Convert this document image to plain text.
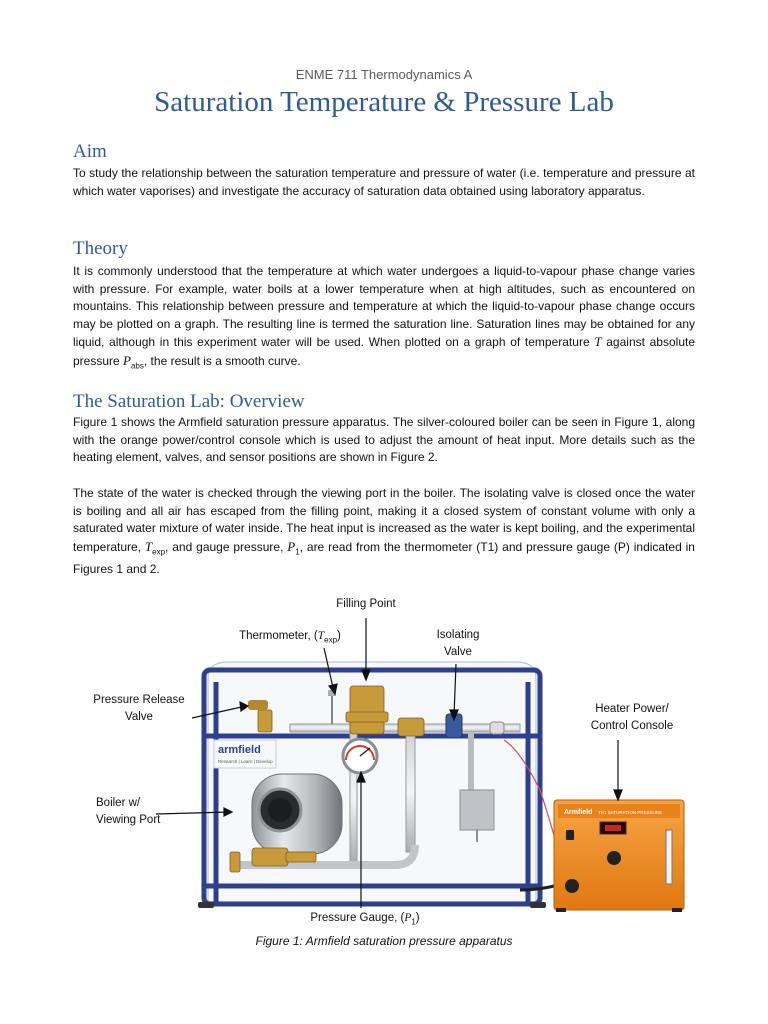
ENME 711 Thermodynamics A
Saturation Temperature & Pressure Lab
Aim
To study the relationship between the saturation temperature and pressure of water (i.e. temperature and pressure at which water vaporises) and investigate the accuracy of saturation data obtained using laboratory apparatus.
Theory
It is commonly understood that the temperature at which water undergoes a liquid-to-vapour phase change varies with pressure. For example, water boils at a lower temperature when at high altitudes, such as encountered on mountains. This relationship between pressure and temperature at which the liquid-to-vapour phase change occurs may be plotted on a graph. The resulting line is termed the saturation line. Saturation lines may be obtained for any liquid, although in this experiment water will be used. When plotted on a graph of temperature T against absolute pressure $P_{abs}$, the result is a smooth curve.
The Saturation Lab: Overview
Figure 1 shows the Armfield saturation pressure apparatus. The silver-coloured boiler can be seen in Figure 1, along with the orange power/control console which is used to adjust the amount of heat input. More details such as the heating element, valves, and sensor positions are shown in Figure 2.
The state of the water is checked through the viewing port in the boiler. The isolating valve is closed once the water is boiling and all air has escaped from the filling point, making it a closed system of constant volume with only a saturated water mixture of water inside. The heat input is increased as the water is kept boiling, and the experimental temperature, $T_{exp}$, and gauge pressure, $P_1$, are read from the thermometer (T1) and pressure gauge (P) indicated in Figures 1 and 2.
armfield
Research | Learn | Develop
Armfield TH1 SATURATION PRESSURE
Filling Point
Thermometer, $(T_{exp})$	Isolating
Valve
Pressure Release
Valve
Heater Power/
Control Console
Boiler w/
Viewing Port
Pressure Gauge, $(P_1)$
Figure 1: Armfield saturation pressure apparatus
